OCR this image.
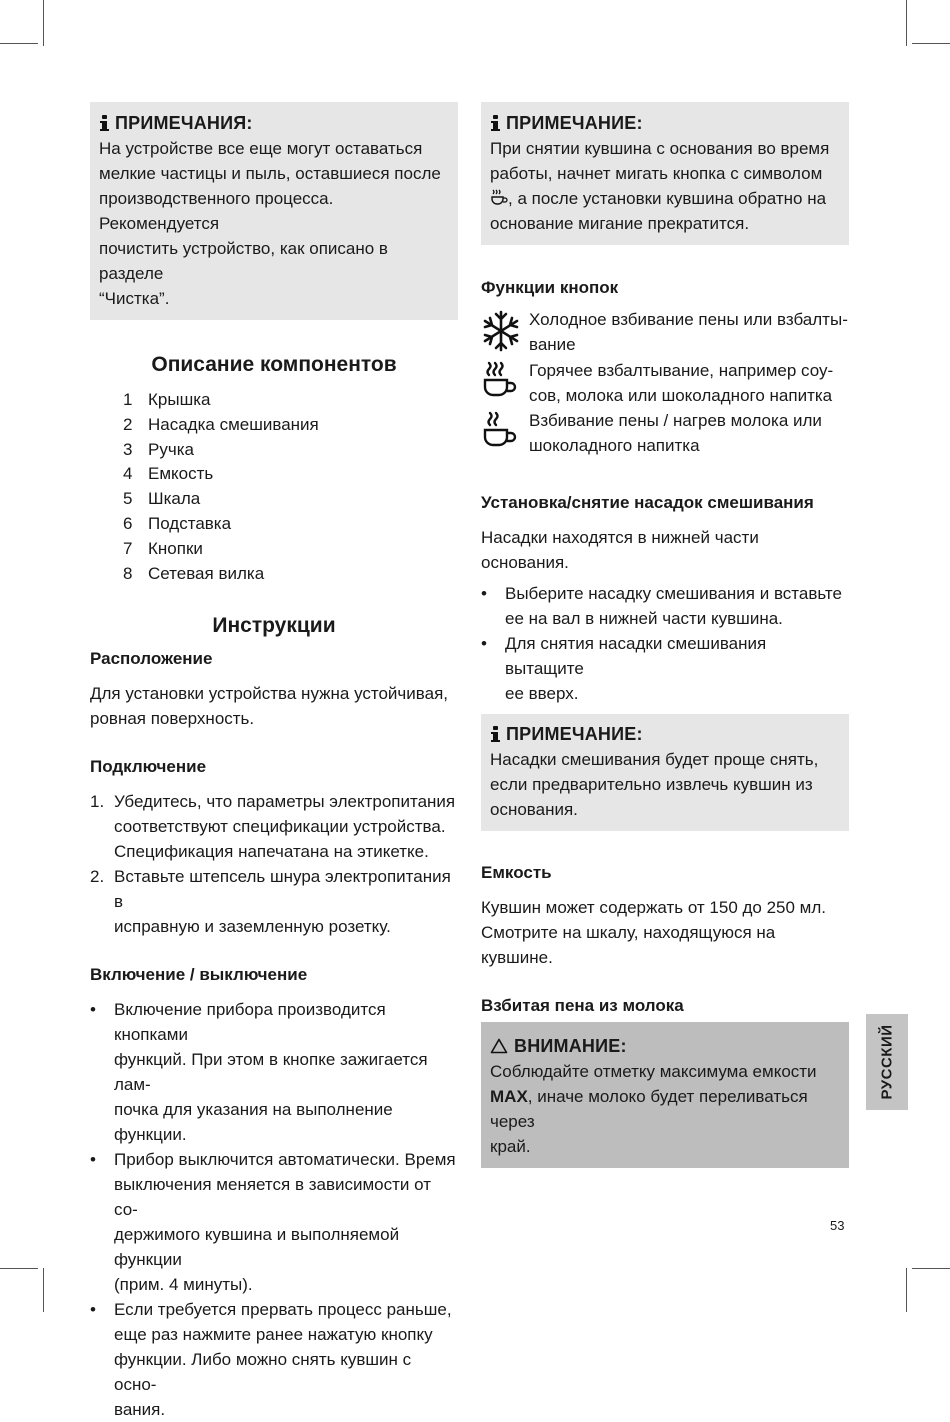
ПРИМЕЧАНИЯ:
На устройстве все еще могут оставаться
мелкие частицы и пыль, оставшиеся после
производственного процесса. Рекомендуется
почистить устройство, как описано в разделе
“Чистка”.
Описание компонентов
1 Крышка
2 Насадка смешивания
3 Ручка
4 Емкость
5 Шкала
6 Подставка
7 Кнопки
8 Сетевая вилка
Инструкции
Расположение

Для установки устройства нужна устойчивая,

ровная поверхность.

Подключение
1. Убедитесь, что параметры электропитания
соответствуют спецификации устройства.
Спецификация напечатана на этикетке.
2. Вставьте штепсель шнура электропитания в
исправную и заземленную розетку.
Включение / выключение
• Включение прибора производится кнопками
функций. При этом в кнопке зажигается лам-
почка для указания на выполнение функции.
• Прибор выключится автоматически. Время
выключения меняется в зависимости от со-
держимого кувшина и выполняемой функции
(прим. 4 минуты).
• Если требуется прервать процесс раньше,
еще раз нажмите ранее нажатую кнопку
функции. Либо можно снять кувшин с осно-
вания.
ПРИМЕЧАНИЕ:
При снятии кувшина с основания во время
работы, начнет мигать кнопка с символом
, а после установки кувшина обратно на
основание мигание прекратится.
Функции кнопок
Холодное взбивание пены или взбалты-
вание
Горячее взбалтывание, например соу-
сов, молока или шоколадного напитка
Взбивание пены / нагрев молока или
шоколадного напитка
Установка/снятие насадок смешивания

Насадки находятся в нижней части основания.

• Выберите насадку смешивания и вставьте
ее на вал в нижней части кувшина.
• Для снятия насадки смешивания вытащите
ее вверх.
ПРИМЕЧАНИЕ:
Насадки смешивания будет проще снять,
если предварительно извлечь кувшин из
основания.
Емкость

Кувшин может содержать от 150 до 250 мл.

Смотрите на шкалу, находящуюся на кувшине.

Взбитая пена из молока
ВНИМАНИЕ:
Соблюдайте отметку максимума емкости
MAX, иначе молоко будет переливаться через
край.
РУССКИЙ
53
